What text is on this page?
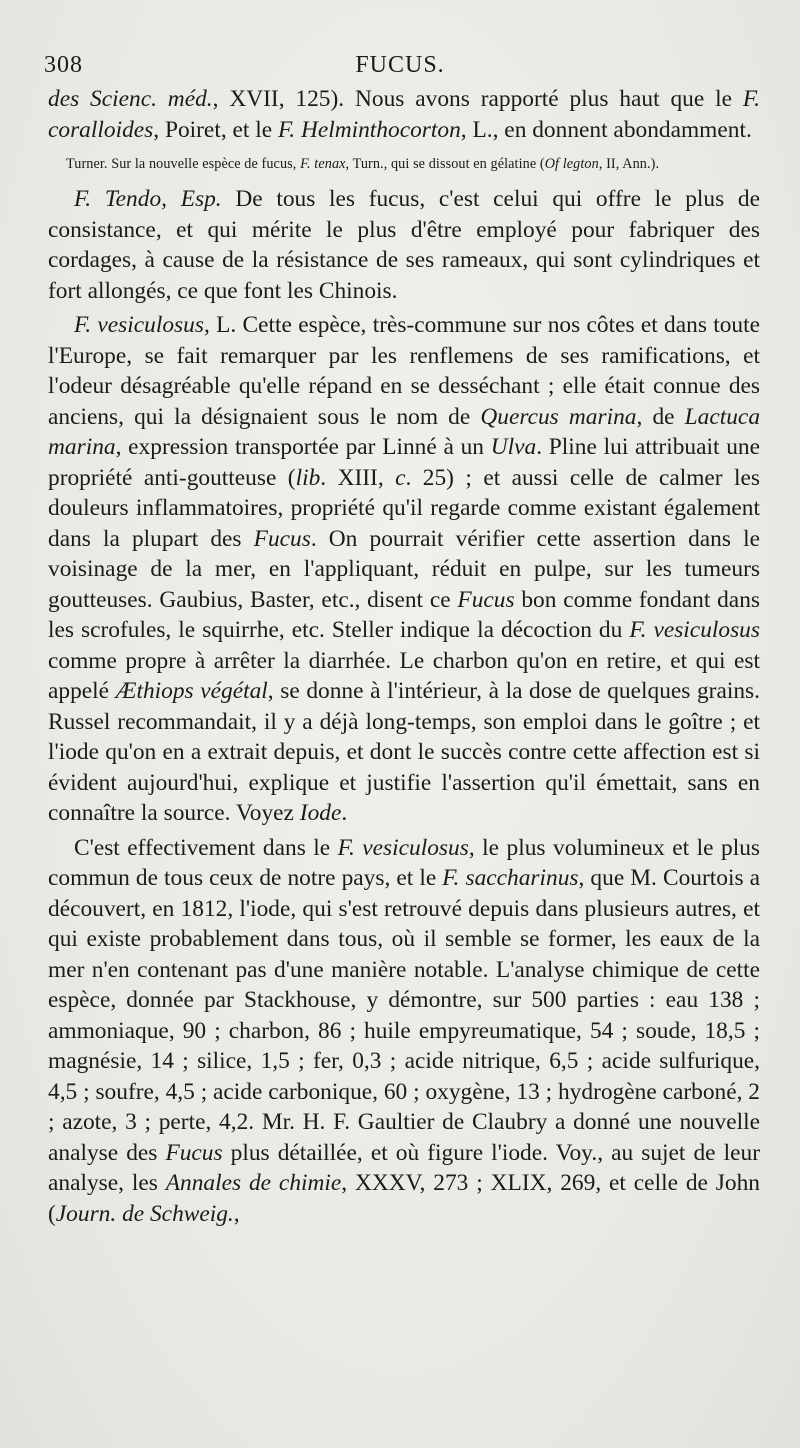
308	FUCUS.

des Scienc. méd., XVII, 125). Nous avons rapporté plus haut que le F. coralloides, Poiret, et le F. Helminthocorton, L., en donnent abondamment.

Turner. Sur la nouvelle espèce de fucus, F. tenax, Turn., qui se dissout en gélatine (Of legton, II, Ann.).

F. Tendo, Esp. De tous les fucus, c'est celui qui offre le plus de consistance, et qui mérite le plus d'être employé pour fabriquer des cordages, à cause de la résistance de ses rameaux, qui sont cylindriques et fort allongés, ce que font les Chinois.

F. vesiculosus, L. Cette espèce, très-commune sur nos côtes et dans toute l'Europe, se fait remarquer par les renflemens de ses ramifications, et l'odeur désagréable qu'elle répand en se desséchant ; elle était connue des anciens, qui la désignaient sous le nom de Quercus marina, de Lactuca marina, expression transportée par Linné à un Ulva. Pline lui attribuait une propriété anti-goutteuse (lib. XIII, c. 25) ; et aussi celle de calmer les douleurs inflammatoires, propriété qu'il regarde comme existant également dans la plupart des Fucus. On pourrait vérifier cette assertion dans le voisinage de la mer, en l'appliquant, réduit en pulpe, sur les tumeurs goutteuses. Gaubius, Baster, etc., disent ce Fucus bon comme fondant dans les scrofules, le squirrhe, etc. Steller indique la décoction du F. vesiculosus comme propre à arrêter la diarrhée. Le charbon qu'on en retire, et qui est appelé Æthiops végétal, se donne à l'intérieur, à la dose de quelques grains. Russel recommandait, il y a déjà long-temps, son emploi dans le goître ; et l'iode qu'on en a extrait depuis, et dont le succès contre cette affection est si évident aujourd'hui, explique et justifie l'assertion qu'il émettait, sans en connaître la source. Voyez Iode.

C'est effectivement dans le F. vesiculosus, le plus volumineux et le plus commun de tous ceux de notre pays, et le F. saccharinus, que M. Courtois a découvert, en 1812, l'iode, qui s'est retrouvé depuis dans plusieurs autres, et qui existe probablement dans tous, où il semble se former, les eaux de la mer n'en contenant pas d'une manière notable. L'analyse chimique de cette espèce, donnée par Stackhouse, y démontre, sur 500 parties : eau 138 ; ammoniaque, 90 ; charbon, 86 ; huile empyreumatique, 54 ; soude, 18,5 ; magnésie, 14 ; silice, 1,5 ; fer, 0,3 ; acide nitrique, 6,5 ; acide sulfurique, 4,5 ; soufre, 4,5 ; acide carbonique, 60 ; oxygène, 13 ; hydrogène carboné, 2 ; azote, 3 ; perte, 4,2. Mr. H. F. Gaultier de Claubry a donné une nouvelle analyse des Fucus plus détaillée, et où figure l'iode. Voy., au sujet de leur analyse, les Annales de chimie, XXXV, 273 ; XLIX, 269, et celle de John (Journ. de Schweig.,
